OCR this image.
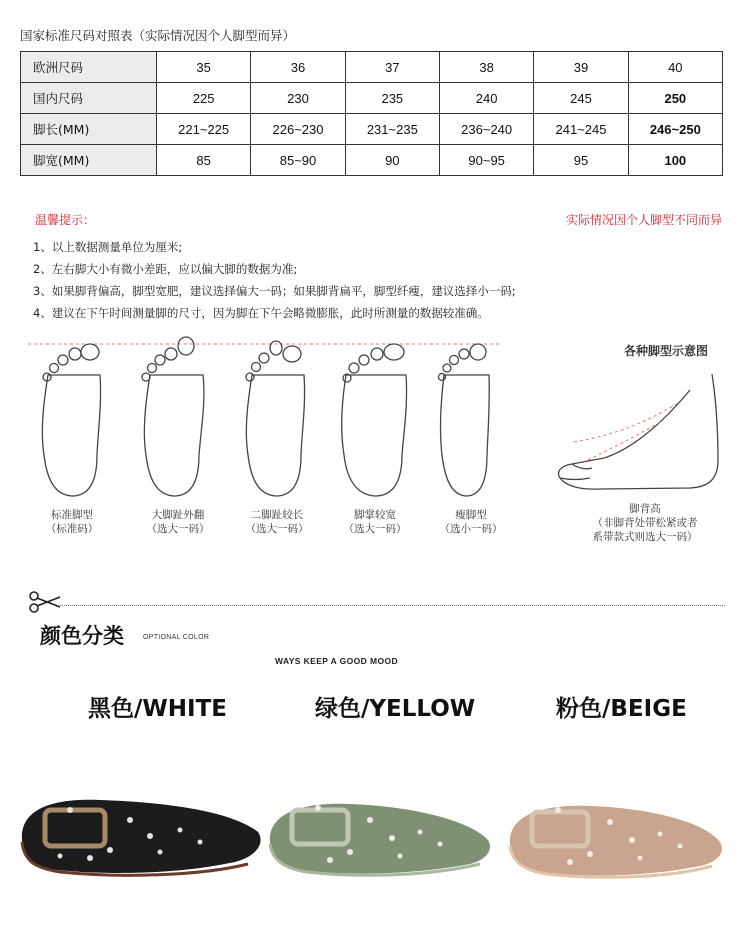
国家标准尺码对照表（实际情况因个人脚型而异）
欧洲尺码	35	36	37	38	39	40
国内尺码	225	230	235	240	245	250
脚长(MM)	221~225	226~230	231~235	236~240	241~245	246~250
脚宽(MM)	85	85~90	90	90~95	95	100
温馨提示：	实际情况因个人脚型不同而异
1、以上数据测量单位为厘米;
2、左右脚大小有微小差距，应以偏大脚的数据为准;
3、如果脚背偏高，脚型宽肥，建议选择偏大一码；如果脚背扁平，脚型纤瘦，建议选择小一码;
4、建议在下午时间测量脚的尺寸，因为脚在下午会略微膨胀，此时所测量的数据较准确。
标准脚型
（标准码）
大脚趾外翻
（选大一码）
二脚趾较长
（选大一码）
脚掌较宽
（选大一码）
瘦脚型
（选小一码）
各种脚型示意图
脚背高
（非脚背处带松紧或者
系带款式则选大一码）
颜色分类	OPTIONAL COLOR
WAYS KEEP A GOOD MOOD
黑色/WHITE	绿色/YELLOW	粉色/BEIGE
